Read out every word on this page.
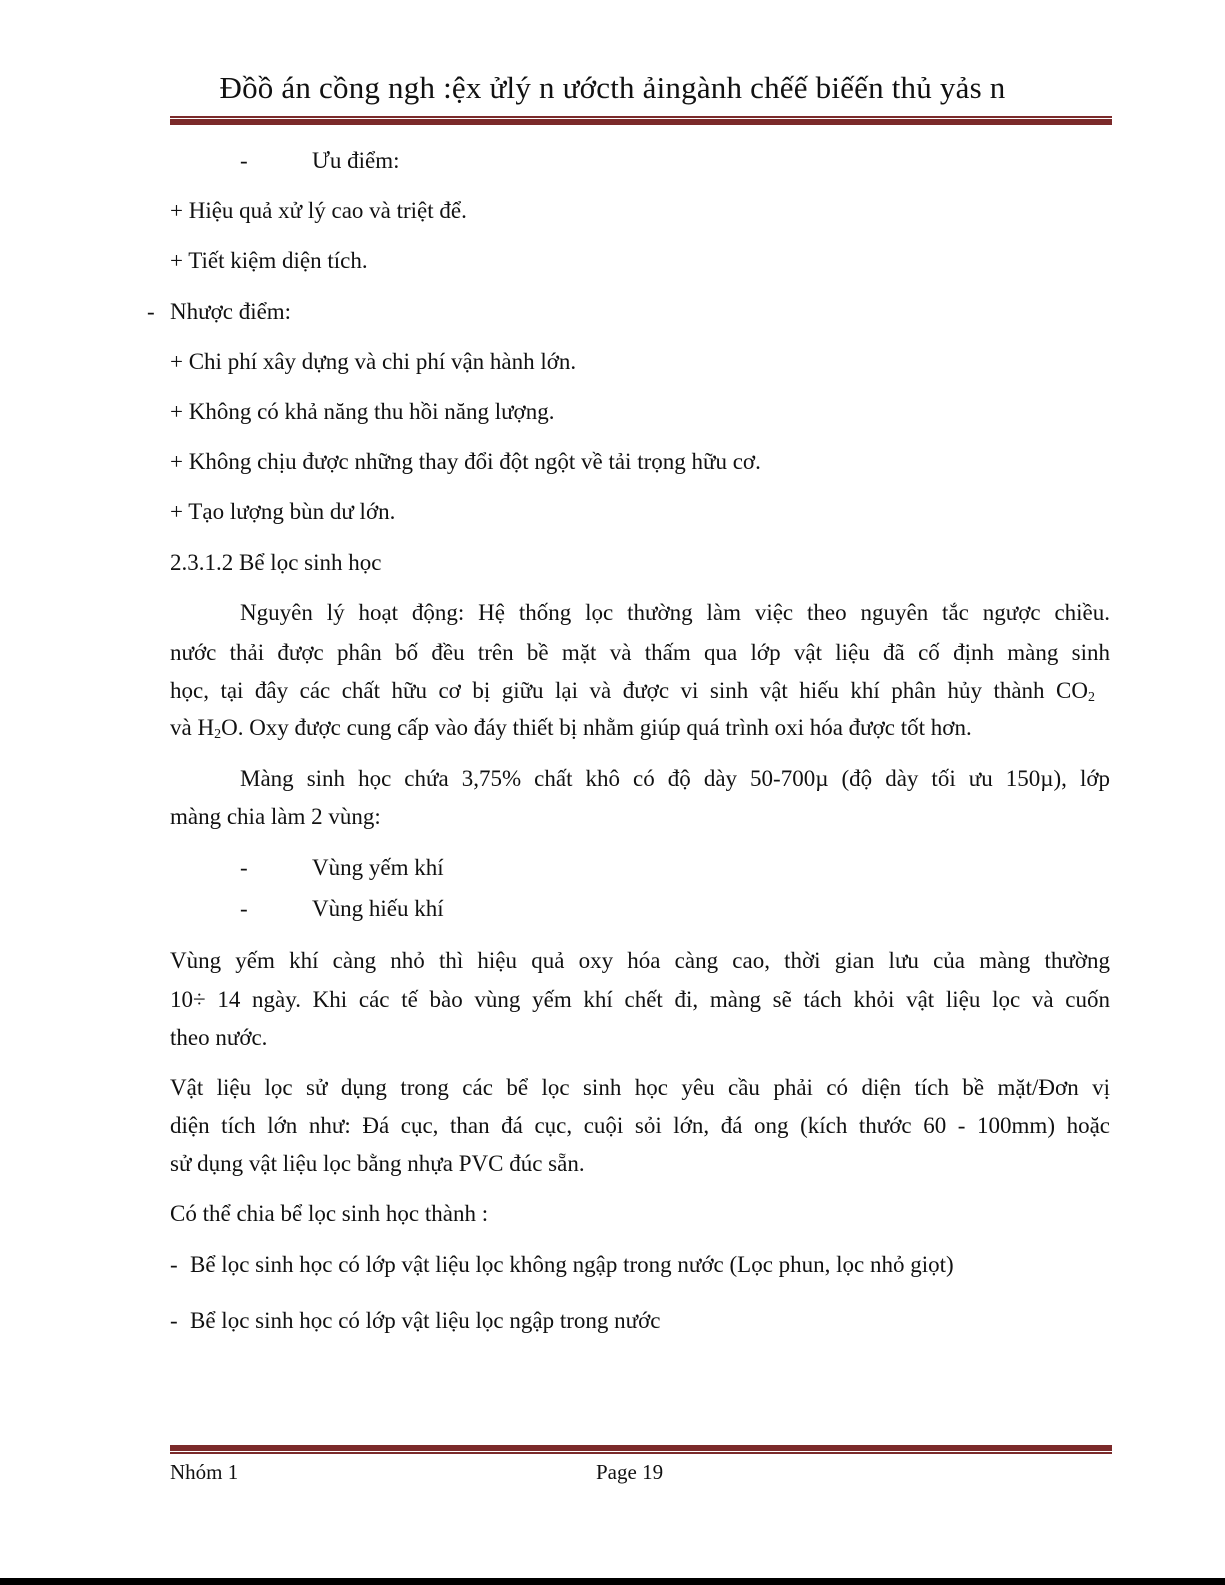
Đồồ án cồng ngh :ệx ửlý n ướcth ảingành chếế biếến thủ yảs n
-	Ưu điểm:
+ Hiệu quả xử lý cao và triệt để.
+ Tiết kiệm diện tích.
- Nhược điểm:
+ Chi phí xây dựng và chi phí vận hành lớn.
+ Không có khả năng thu hồi năng lượng.
+ Không chịu được những thay đổi đột ngột về tải trọng hữu cơ.
+ Tạo lượng bùn dư lớn.
2.3.1.2 Bể lọc sinh học
Nguyên lý hoạt động: Hệ thống lọc thường làm việc theo nguyên tắc ngược chiều.
nước thải được phân bố đều trên bề mặt và thấm qua lớp vật liệu đã cố định màng sinh
học, tại đây các chất hữu cơ bị giữu lại và được vi sinh vật hiếu khí phân hủy thành $CO_2$
và $H_2O$. Oxy được cung cấp vào đáy thiết bị nhằm giúp quá trình oxi hóa được tốt hơn.
Màng sinh học chứa 3,75% chất khô có độ dày 50-700µ (độ dày tối ưu 150µ), lớp
màng chia làm 2 vùng:
-	Vùng yếm khí
-	Vùng hiếu khí
Vùng yếm khí càng nhỏ thì hiệu quả oxy hóa càng cao, thời gian lưu của màng thường
10÷ 14 ngày. Khi các tế bào vùng yếm khí chết đi, màng sẽ tách khỏi vật liệu lọc và cuốn
theo nước.
Vật liệu lọc sử dụng trong các bể lọc sinh học yêu cầu phải có diện tích bề mặt/Đơn vị
diện tích lớn như: Đá cục, than đá cục, cuội sỏi lớn, đá ong (kích thước 60 - 100mm) hoặc
sử dụng vật liệu lọc bằng nhựa PVC đúc sẵn.
Có thể chia bể lọc sinh học thành :
- Bể lọc sinh học có lớp vật liệu lọc không ngập trong nước (Lọc phun, lọc nhỏ giọt)
- Bể lọc sinh học có lớp vật liệu lọc ngập trong nước
Nhóm 1	Page 19
